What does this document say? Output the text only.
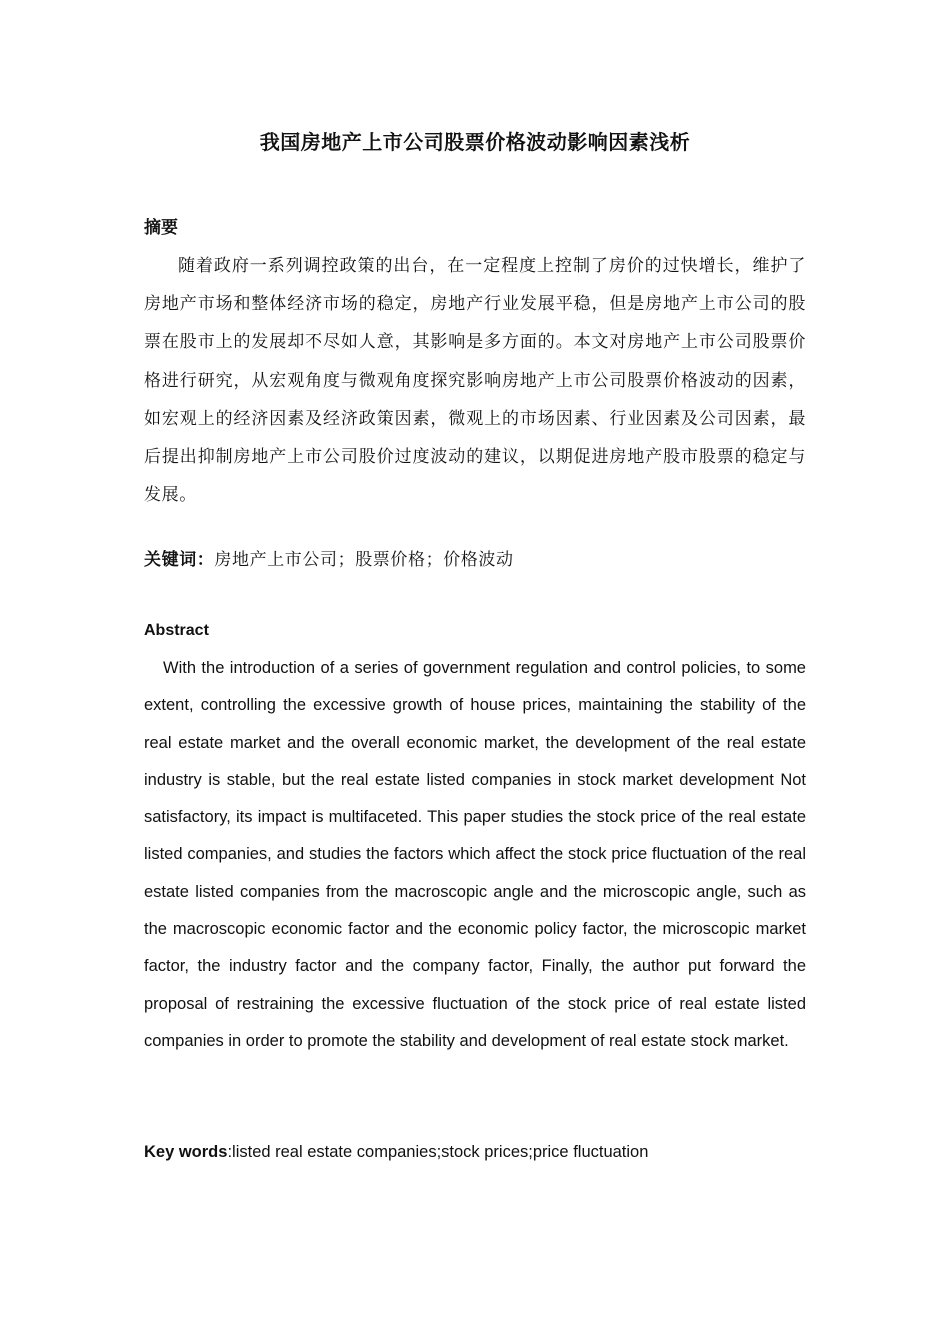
我国房地产上市公司股票价格波动影响因素浅析
摘要

随着政府一系列调控政策的出台，在一定程度上控制了房价的过快增长，维护了房地产市场和整体经济市场的稳定，房地产行业发展平稳，但是房地产上市公司的股票在股市上的发展却不尽如人意，其影响是多方面的。本文对房地产上市公司股票价格进行研究，从宏观角度与微观角度探究影响房地产上市公司股票价格波动的因素，如宏观上的经济因素及经济政策因素，微观上的市场因素、行业因素及公司因素，最后提出抑制房地产上市公司股价过度波动的建议，以期促进房地产股市股票的稳定与发展。

关键词：房地产上市公司；股票价格；价格波动
Abstract

With the introduction of a series of government regulation and control policies, to some extent, controlling the excessive growth of house prices, maintaining the stability of the real estate market and the overall economic market, the development of the real estate industry is stable, but the real estate listed companies in stock market development Not satisfactory, its impact is multifaceted. This paper studies the stock price of the real estate listed companies, and studies the factors which affect the stock price fluctuation of the real estate listed companies from the macroscopic angle and the microscopic angle, such as the macroscopic economic factor and the economic policy factor, the microscopic market factor, the industry factor and the company factor, Finally, the author put forward the proposal of restraining the excessive fluctuation of the stock price of real estate listed companies in order to promote the stability and development of real estate stock market.

Key words:listed real estate companies;stock prices;price fluctuation
